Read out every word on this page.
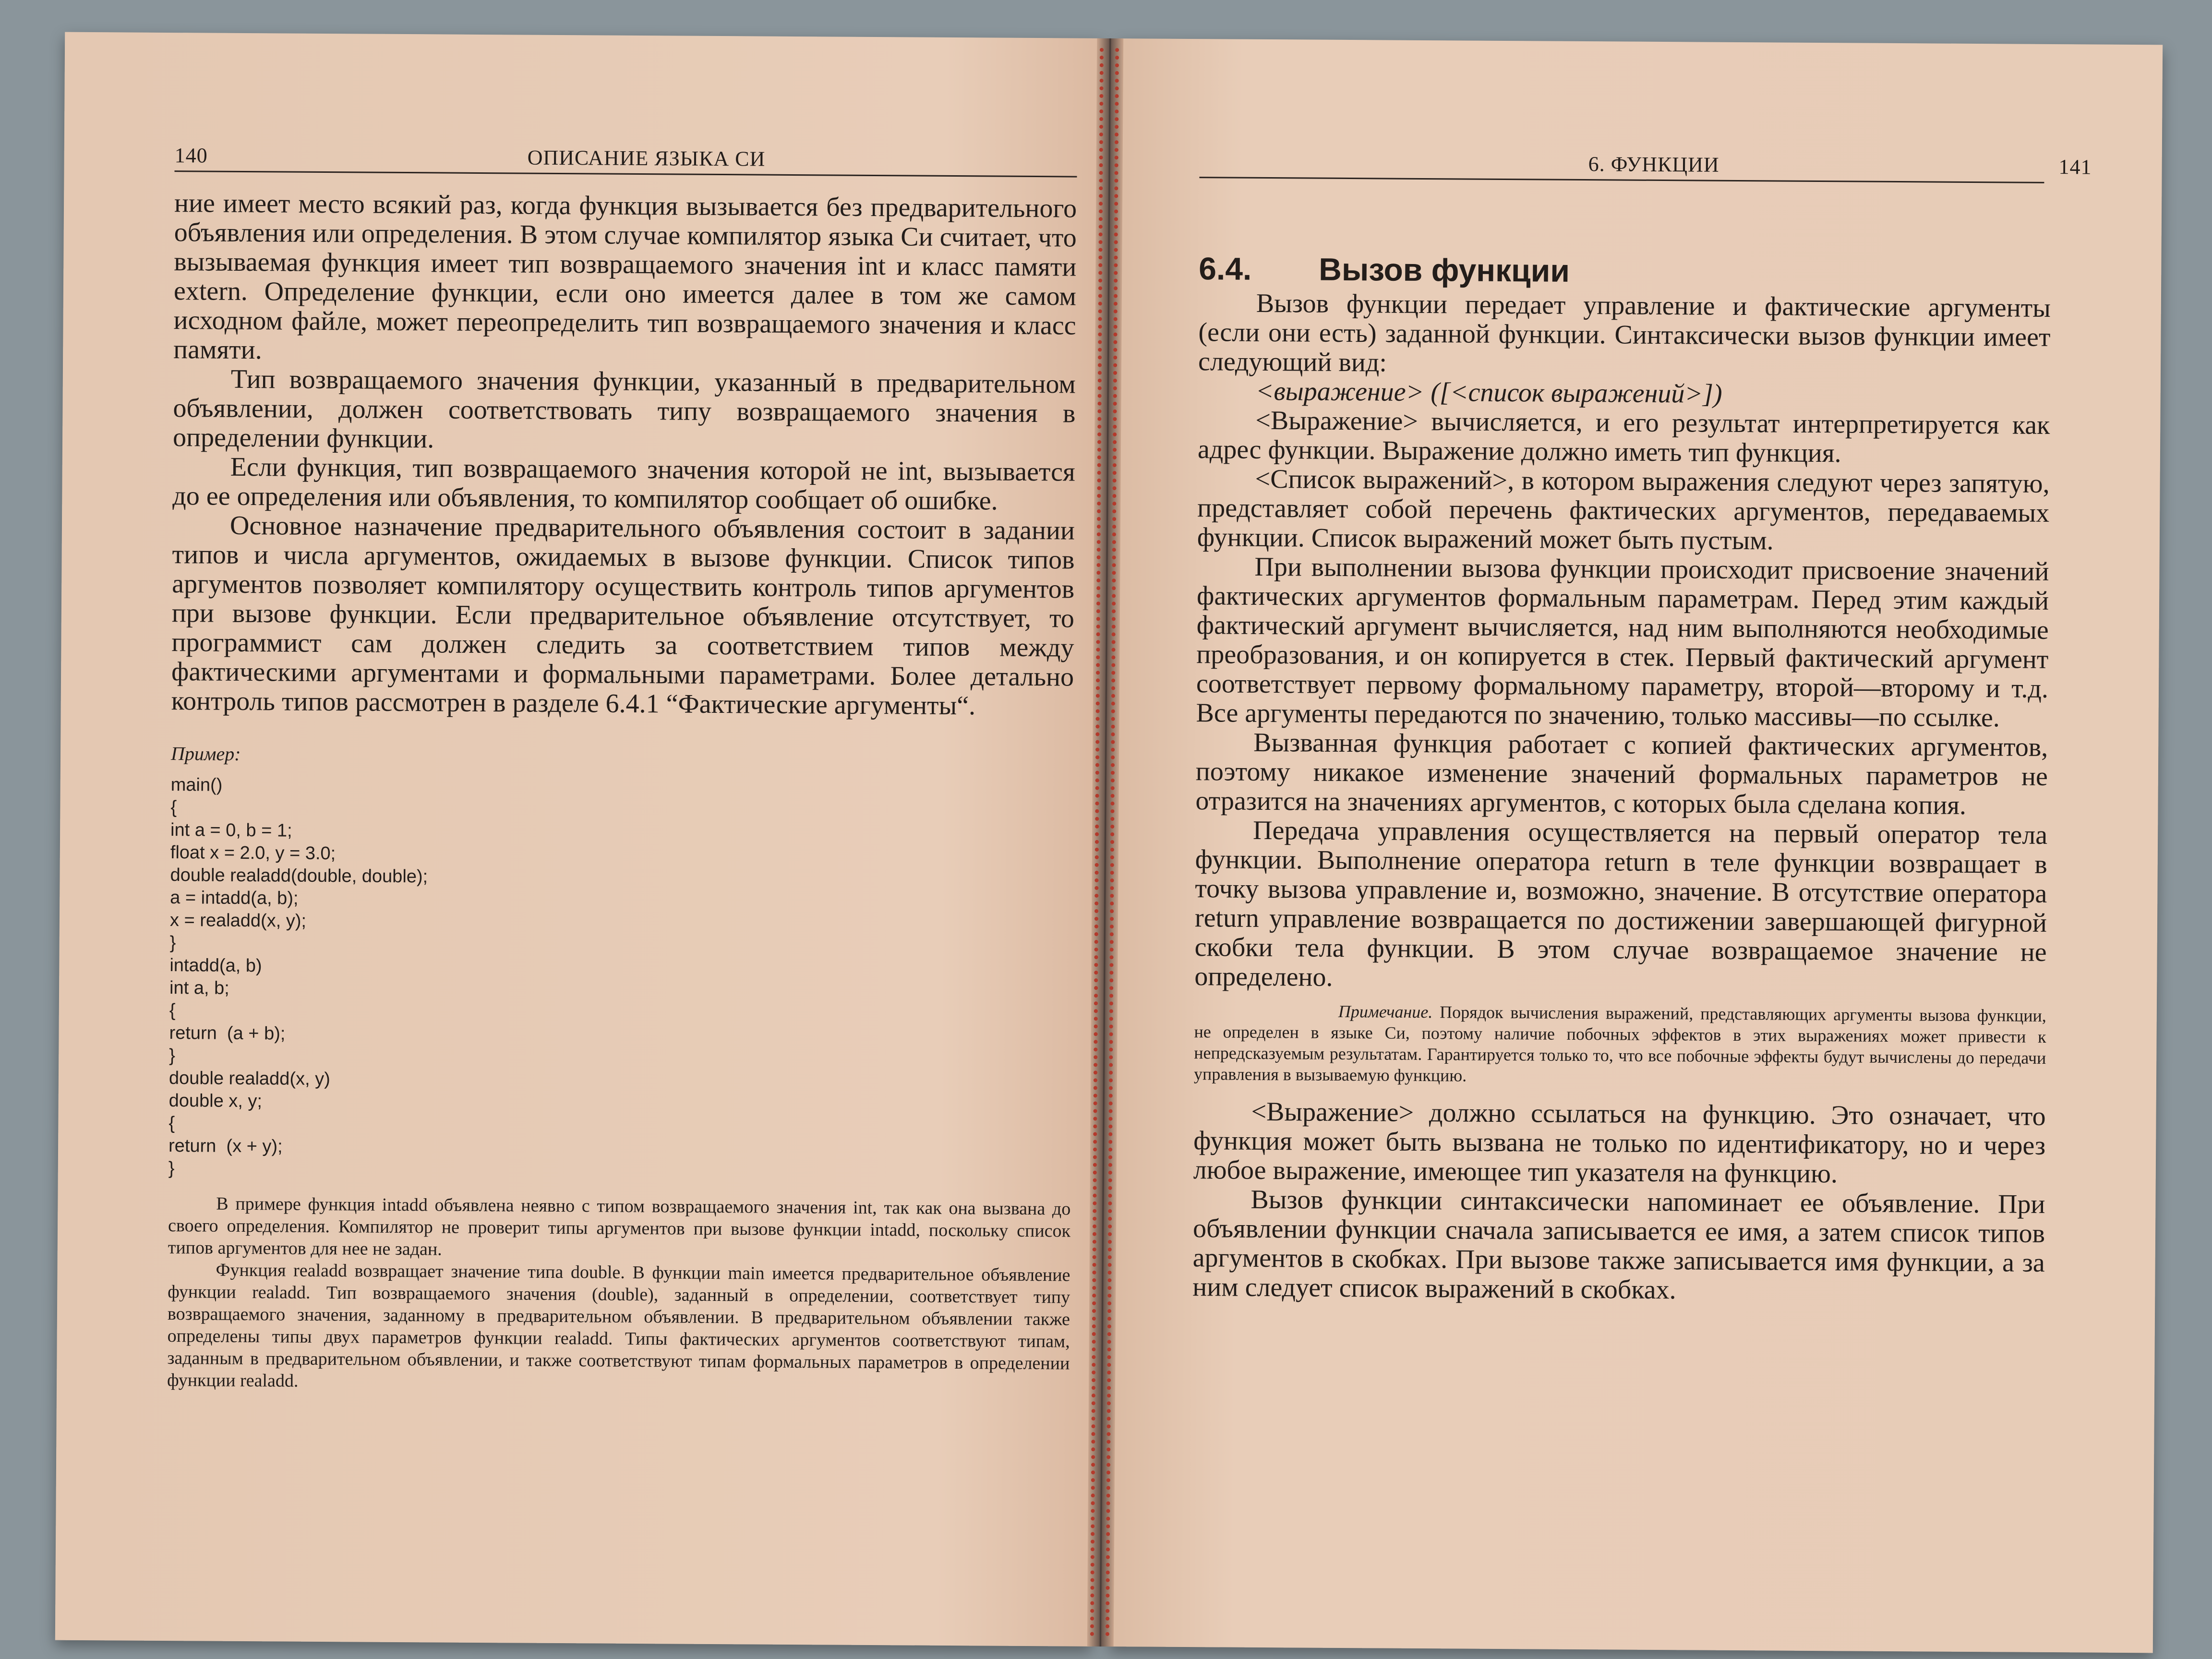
140	ОПИСАНИЕ ЯЗЫКА СИ

ние имеет место всякий раз, когда функция вызывается без предварительного объявления или определения. В этом случае компилятор языка Си считает, что вызываемая функция имеет тип возвращаемого значения int и класс памяти extern. Определение функции, если оно имеется далее в том же самом исходном файле, может переопределить тип возвращаемого значения и класс памяти.

Тип возвращаемого значения функции, указанный в предварительном объявлении, должен соответствовать типу возвращаемого значения в определении функции.

Если функция, тип возвращаемого значения которой не int, вызывается до ее определения или объявления, то компилятор сообщает об ошибке.

Основное назначение предварительного объявления состоит в задании типов и числа аргументов, ожидаемых в вызове функции. Список типов аргументов позволяет компилятору осуществить контроль типов аргументов при вызове функции. Если предварительное объявление отсутствует, то программист сам должен следить за соответствием типов между фактическими аргументами и формальными параметрами. Более детально контроль типов рассмотрен в разделе 6.4.1 “Фактические аргументы“.

Пример:
main()
{
int a = 0, b = 1;
float x = 2.0, y = 3.0;
double realadd(double, double);
a = intadd(a, b);
x = realadd(x, y);
}
intadd(a, b)
int a, b;
{
return  (a + b);
}
double realadd(x, y)
double x, y;
{
return  (x + y);
}

В примере функция intadd объявлена неявно с типом возвращаемого значения int, так как она вызвана до своего определения. Компилятор не проверит типы аргументов при вызове функции intadd, поскольку список типов аргументов для нее не задан.

Функция realadd возвращает значение типа double. В функции main имеется предварительное объявление функции realadd. Тип возвращаемого значения (double), заданный в определении, соответствует типу возвращаемого значения, заданному в предварительном объявлении. В предварительном объявлении также определены типы двух параметров функции realadd. Типы фактических аргументов соответствуют типам, заданным в предварительном объявлении, и также соответствуют типам формальных параметров в определении функции realadd.

6. ФУНКЦИИ	141
6.4. Вызов функции

Вызов функции передает управление и фактические аргументы (если они есть) заданной функции. Синтаксически вызов функции имеет следующий вид:

<выражение> ([<список выражений>])

<Выражение> вычисляется, и его результат интерпретируется как адрес функции. Выражение должно иметь тип функция.

<Список выражений>, в котором выражения следуют через запятую, представляет собой перечень фактических аргументов, передаваемых функции. Список выражений может быть пустым.

При выполнении вызова функции происходит присвоение значений фактических аргументов формальным параметрам. Перед этим каждый фактический аргумент вычисляется, над ним выполняются необходимые преобразования, и он копируется в стек. Первый фактический аргумент соответствует первому формальному параметру, второй—второму и т.д. Все аргументы передаются по значению, только массивы—по ссылке.

Вызванная функция работает с копией фактических аргументов, поэтому никакое изменение значений формальных параметров не отразится на значениях аргументов, с которых была сделана копия.

Передача управления осуществляется на первый оператор тела функции. Выполнение оператора return в теле функции возвращает в точку вызова управление и, возможно, значение. В отсутствие оператора return управление возвращается по достижении завершающей фигурной скобки тела функции. В этом случае возвращаемое значение не определено.

Примечание. Порядок вычисления выражений, представляющих аргументы вызова функции, не определен в языке Си, поэтому наличие побочных эффектов в этих выражениях может привести к непредсказуемым результатам. Гарантируется только то, что все побочные эффекты будут вычислены до передачи управления в вызываемую функцию.

<Выражение> должно ссылаться на функцию. Это означает, что функция может быть вызвана не только по идентификатору, но и через любое выражение, имеющее тип указателя на функцию.

Вызов функции синтаксически напоминает ее объявление. При объявлении функции сначала записывается ее имя, а затем список типов аргументов в скобках. При вызове также записывается имя функции, а за ним следует список выражений в скобках.
